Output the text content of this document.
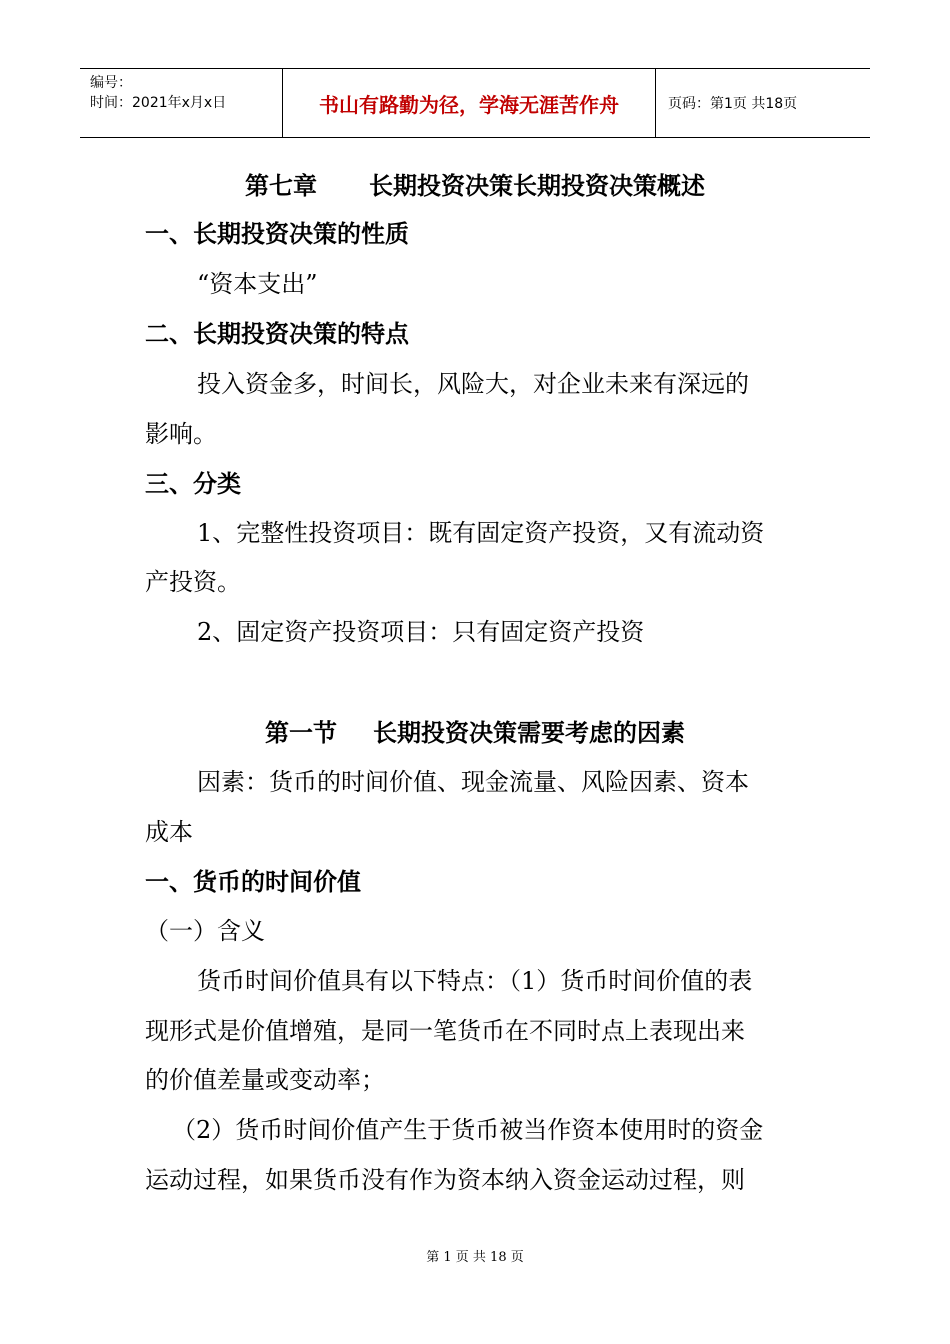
编号：
时间：2021年x月x日	书山有路勤为径，学海无涯苦作舟	页码：第1页 共18页
第七章 长期投资决策长期投资决策概述
一、长期投资决策的性质
“资本支出”
二、长期投资决策的特点
投入资金多，时间长，风险大，对企业未来有深远的
影响。
三、分类
1、完整性投资项目：既有固定资产投资，又有流动资
产投资。
2、固定资产投资项目：只有固定资产投资
第一节 长期投资决策需要考虑的因素
因素：货币的时间价值、现金流量、风险因素、资本
成本
一、货币的时间价值
（一）含义
货币时间价值具有以下特点：（1）货币时间价值的表
现形式是价值增殖，是同一笔货币在不同时点上表现出来
的价值差量或变动率；
（2）货币时间价值产生于货币被当作资本使用时的资金
运动过程，如果货币没有作为资本纳入资金运动过程，则
第 1 页 共 18 页
